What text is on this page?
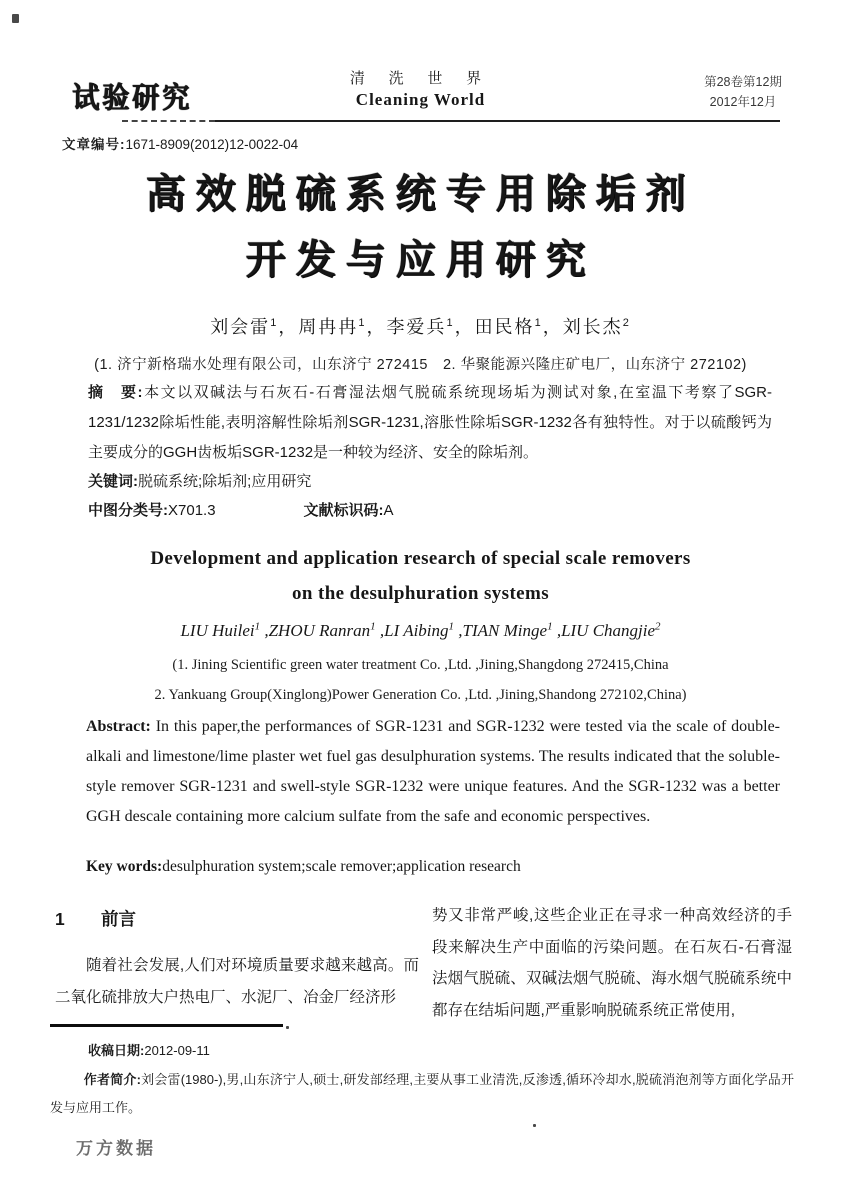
试验研究
清 洗 世 界
Cleaning World
第28卷第12期
2012年12月
文章编号:1671-8909(2012)12-0022-04
高效脱硫系统专用除垢剂
开发与应用研究
刘会雷$^1$，周冉冉$^1$，李爱兵$^1$，田民格$^1$，刘长杰$^2$
(1. 济宁新格瑞水处理有限公司，山东济宁 272415　2. 华聚能源兴隆庄矿电厂，山东济宁 272102)
摘　要:本文以双碱法与石灰石-石膏湿法烟气脱硫系统现场垢为测试对象,在室温下考察了SGR-1231/1232除垢性能,表明溶解性除垢剂SGR-1231,溶胀性除垢SGR-1232各有独特性。对于以硫酸钙为主要成分的GGH齿板垢SGR-1232是一种较为经济、安全的除垢剂。
关键词:脱硫系统;除垢剂;应用研究
中图分类号:X701.3	文献标识码:A
Development and application research of special scale removers
on the desulphuration systems
LIU Huilei$^1$ ,ZHOU Ranran$^1$ ,LI Aibing$^1$ ,TIAN Minge$^1$ ,LIU Changjie$^2$
(1. Jining Scientific green water treatment Co. ,Ltd. ,Jining,Shangdong 272415,China
2. Yankuang Group(Xinglong)Power Generation Co. ,Ltd. ,Jining,Shandong 272102,China)
Abstract: In this paper,the performances of SGR-1231 and SGR-1232 were tested via the scale of double-alkali and limestone/lime plaster wet fuel gas desulphuration systems. The results indicated that the soluble-style remover SGR-1231 and swell-style SGR-1232 were unique features. And the SGR-1232 was a better GGH descale containing more calcium sulfate from the safe and economic perspectives.
Key words:desulphuration system;scale remover;application research
1 前言
随着社会发展,人们对环境质量要求越来越高。而二氧化硫排放大户热电厂、水泥厂、冶金厂经济形
势又非常严峻,这些企业正在寻求一种高效经济的手段来解决生产中面临的污染问题。在石灰石-石膏湿法烟气脱硫、双碱法烟气脱硫、海水烟气脱硫系统中都存在结垢问题,严重影响脱硫系统正常使用,
收稿日期:2012-09-11
作者简介:刘会雷(1980-),男,山东济宁人,硕士,研发部经理,主要从事工业清洗,反渗透,循环冷却水,脱硫消泡剂等方面化学品开发与应用工作。
万方数据
